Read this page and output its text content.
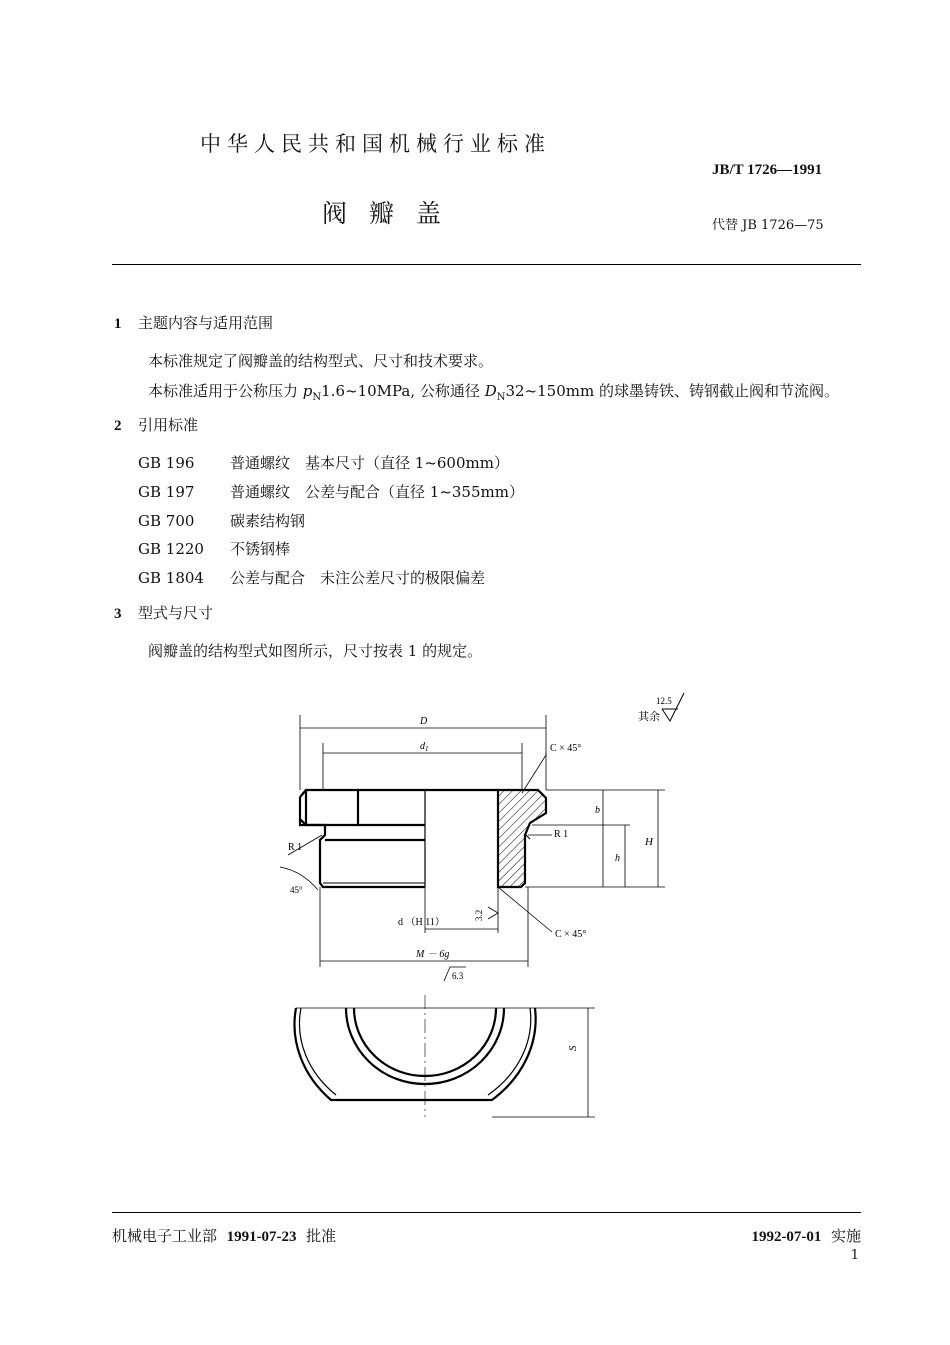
中华人民共和国机械行业标准
JB/T 1726—1991
阀瓣盖	代替 JB 1726—75
1 主题内容与适用范围
本标准规定了阀瓣盖的结构型式、尺寸和技术要求。
本标准适用于公称压力 $p_N1.6\sim 10MPa$, 公称通径 $D_N32\sim 150mm$ 的球墨铸铁、铸钢截止阀和节流阀。
2 引用标准
GB 196 普通螺纹　基本尺寸（直径 1~600mm）
GB 197 普通螺纹　公差与配合（直径 1~355mm）
GB 700 碳素结构钢
GB 1220 不锈钢棒
GB 1804 公差与配合　未注公差尺寸的极限偏差
3 型式与尺寸
阀瓣盖的结构型式如图所示，尺寸按表 1 的规定。
其余
12.5
D
$d_1$	C × 45°
b
h
H
R 1
R 1
45°
d （H 11）
3.2
C × 45°
M － 6g
6.3
S
机械电子工业部 1991-07-23 批准	1992-07-01 实施
1
